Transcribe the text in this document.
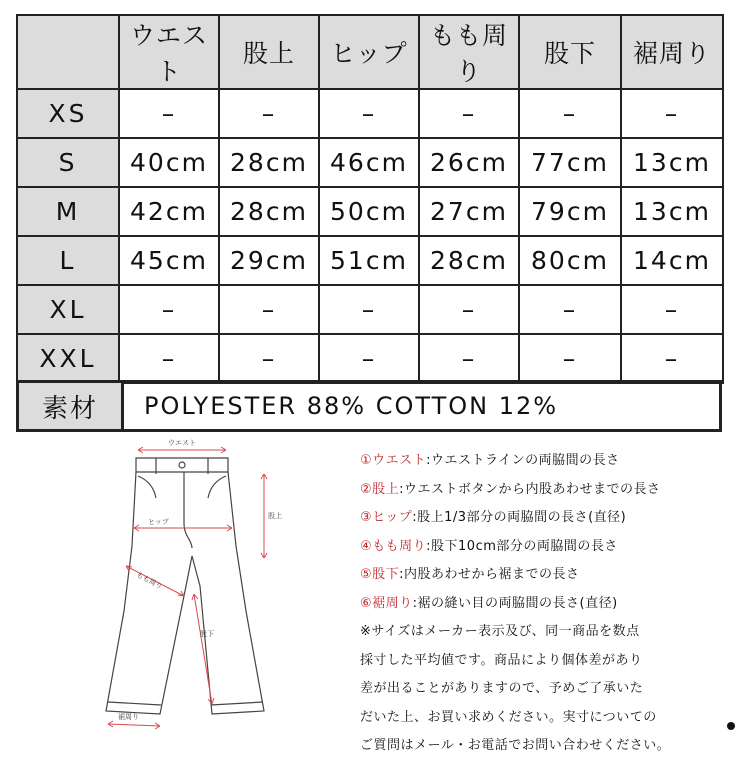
	ウエスト	股上	ヒップ	もも周り	股下	裾周り
XS	–	–	–	–	–	–
S	40cm	28cm	46cm	26cm	77cm	13cm
M	42cm	28cm	50cm	27cm	79cm	13cm
L	45cm	29cm	51cm	28cm	80cm	14cm
XL	–	–	–	–	–	–
XXL	–	–	–	–	–	–
素材	POLYESTER 88% COTTON 12%
ウエスト
股上
ヒップ
もも周り
股下
裾周り
①ウエスト:ウエストラインの両脇間の長さ
②股上:ウエストボタンから内股あわせまでの長さ
③ヒップ:股上1/3部分の両脇間の長さ(直径)
④もも周り:股下10cm部分の両脇間の長さ
⑤股下:内股あわせから裾までの長さ
⑥裾周り:裾の縫い目の両脇間の長さ(直径)
※サイズはメーカー表示及び、同一商品を数点
採寸した平均値です。商品により個体差があり
差が出ることがありますので、予めご了承いた
だいた上、お買い求めください。実寸についての
ご質問はメール・お電話でお問い合わせください。
